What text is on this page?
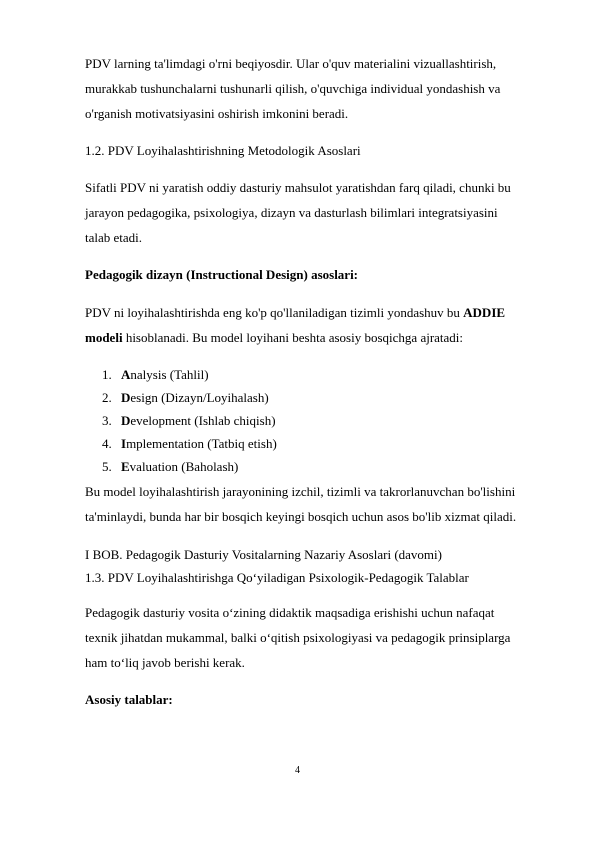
PDV larning ta'limdagi o'rni beqiyosdir. Ular o'quv materialini vizuallashtirish,
murakkab tushunchalarni tushunarli qilish, o'quvchiga individual yondashish va
o'rganish motivatsiyasini oshirish imkonini beradi.
1.2. PDV Loyihalashtirishning Metodologik Asoslari
Sifatli PDV ni yaratish oddiy dasturiy mahsulot yaratishdan farq qiladi, chunki bu
jarayon pedagogika, psixologiya, dizayn va dasturlash bilimlari integratsiyasini
talab etadi.
Pedagogik dizayn (Instructional Design) asoslari:
PDV ni loyihalashtirishda eng ko'p qo'llaniladigan tizimli yondashuv bu ADDIE
modeli hisoblanadi. Bu model loyihani beshta asosiy bosqichga ajratadi:
1. Analysis (Tahlil)
2. Design (Dizayn/Loyihalash)
3. Development (Ishlab chiqish)
4. Implementation (Tatbiq etish)
5. Evaluation (Baholash)
Bu model loyihalashtirish jarayonining izchil, tizimli va takrorlanuvchan bo'lishini
ta'minlaydi, bunda har bir bosqich keyingi bosqich uchun asos bo'lib xizmat qiladi.
I BOB. Pedagogik Dasturiy Vositalarning Nazariy Asoslari (davomi)
1.3. PDV Loyihalashtirishga Qo‘yiladigan Psixologik-Pedagogik Talablar
Pedagogik dasturiy vosita o‘zining didaktik maqsadiga erishishi uchun nafaqat
texnik jihatdan mukammal, balki o‘qitish psixologiyasi va pedagogik prinsiplarga
ham to‘liq javob berishi kerak.
Asosiy talablar:
4
